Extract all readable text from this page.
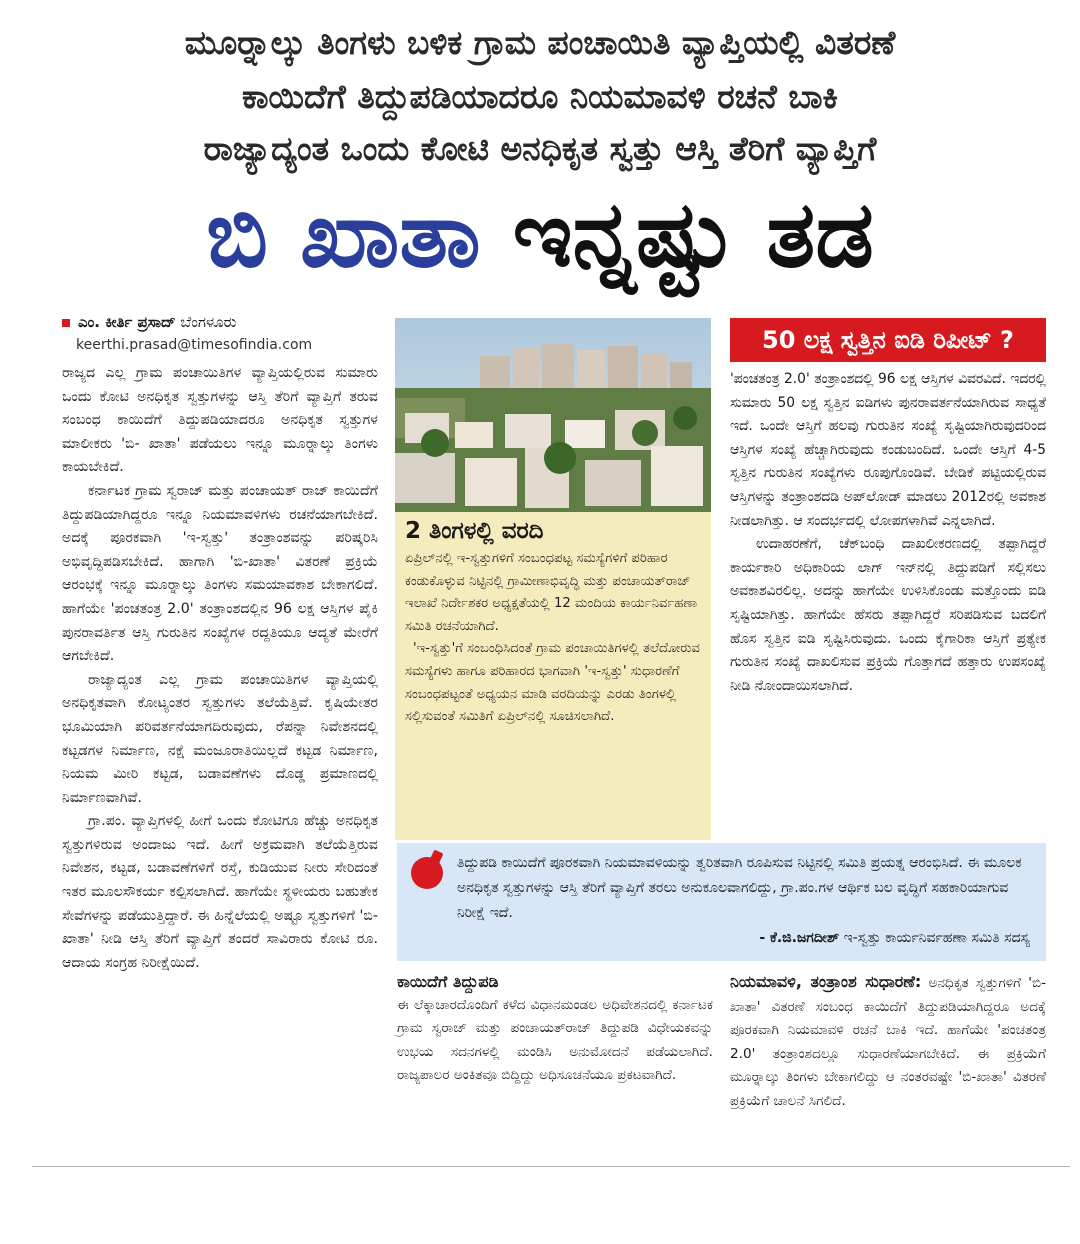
ಮೂರ್‍ನಾಲ್ಕು ತಿಂಗಳು ಬಳಿಕ ಗ್ರಾಮ ಪಂಚಾಯಿತಿ ವ್ಯಾಪ್ತಿಯಲ್ಲಿ ವಿತರಣೆ
ಕಾಯಿದೆಗೆ ತಿದ್ದುಪಡಿಯಾದರೂ ನಿಯಮಾವಳಿ ರಚನೆ ಬಾಕಿ
ರಾಜ್ಯಾದ್ಯಂತ ಒಂದು ಕೋಟಿ ಅನಧಿಕೃತ ಸ್ವತ್ತು ಆಸ್ತಿ ತೆರಿಗೆ ವ್ಯಾಪ್ತಿಗೆ
ಬಿ ಖಾತಾ ಇನ್ನಷ್ಟು ತಡ
ಎಂ. ಕೀರ್ತಿ ಪ್ರಸಾದ್ ಬೆಂಗಳೂರು
keerthi.prasad@timesofindia.com

ರಾಜ್ಯದ ಎಲ್ಲ ಗ್ರಾಮ ಪಂಚಾಯಿತಿಗಳ ವ್ಯಾಪ್ತಿಯಲ್ಲಿರುವ ಸುಮಾರು ಒಂದು ಕೋಟಿ ಅನಧಿಕೃತ ಸ್ವತ್ತುಗಳನ್ನು ಆಸ್ತಿ ತೆರಿಗೆ ವ್ಯಾಪ್ತಿಗೆ ತರುವ ಸಂಬಂಧ ಕಾಯಿದೆಗೆ ತಿದ್ದುಪಡಿಯಾದರೂ ಅನಧಿಕೃತ ಸ್ವತ್ತುಗಳ ಮಾಲೀಕರು 'ಬಿ- ಖಾತಾ' ಪಡೆಯಲು ಇನ್ನೂ ಮೂರ್‍ನಾಲ್ಕು ತಿಂಗಳು ಕಾಯಬೇಕಿದೆ.

ಕರ್ನಾಟಕ ಗ್ರಾಮ ಸ್ವರಾಜ್ ಮತ್ತು ಪಂಚಾಯತ್ ರಾಜ್ ಕಾಯಿದೆಗೆ ತಿದ್ದುಪಡಿಯಾಗಿದ್ದರೂ ಇನ್ನೂ ನಿಯಮಾವಳಿಗಳು ರಚನೆಯಾಗಬೇಕಿದೆ. ಅದಕ್ಕೆ ಪೂರಕವಾಗಿ 'ಇ-ಸ್ವತ್ತು' ತಂತ್ರಾಂಶವನ್ನು ಪರಿಷ್ಕರಿಸಿ ಅಭಿವೃದ್ಧಿಪಡಿಸಬೇಕಿದೆ. ಹಾಗಾಗಿ 'ಬಿ-ಖಾತಾ' ವಿತರಣೆ ಪ್ರಕ್ರಿಯೆ ಆರಂಭಕ್ಕೆ ಇನ್ನೂ ಮೂರ್‍ನಾಲ್ಕು ತಿಂಗಳು ಸಮಯಾವಕಾಶ ಬೇಕಾಗಲಿದೆ. ಹಾಗೆಯೇ 'ಪಂಚತಂತ್ರ 2.0' ತಂತ್ರಾಂಶದಲ್ಲಿನ 96 ಲಕ್ಷ ಆಸ್ತಿಗಳ ಪೈಕಿ ಪುನರಾವರ್ತಿತ ಆಸ್ತಿ ಗುರುತಿನ ಸಂಖ್ಯೆಗಳ ರದ್ದತಿಯೂ ಆದ್ಯತೆ ಮೇರೆಗೆ ಆಗಬೇಕಿದೆ.

ರಾಜ್ಯಾದ್ಯಂತ ಎಲ್ಲ ಗ್ರಾಮ ಪಂಚಾಯಿತಿಗಳ ವ್ಯಾಪ್ತಿಯಲ್ಲಿ ಅನಧಿಕೃತವಾಗಿ ಕೋಟ್ಯಂತರ ಸ್ವತ್ತುಗಳು ತಲೆಯೆತ್ತಿವೆ. ಕೃಷಿಯೇತರ ಭೂಮಿಯಾಗಿ ಪರಿವರ್ತನೆಯಾಗದಿರುವುದು, ರೆಪನ್ನಾ ನಿವೇಶನದಲ್ಲಿ ಕಟ್ಟಡಗಳ ನಿರ್ಮಾಣ, ನಕ್ಷೆ ಮಂಜೂರಾತಿಯಿಲ್ಲದೆ ಕಟ್ಟಡ ನಿರ್ಮಾಣ, ನಿಯಮ ಮೀರಿ ಕಟ್ಟಡ, ಬಡಾವಣೆಗಳು ದೊಡ್ಡ ಪ್ರಮಾಣದಲ್ಲಿ ನಿರ್ಮಾಣವಾಗಿವೆ.

ಗ್ರಾ.ಪಂ. ವ್ಯಾಪ್ತಿಗಳಲ್ಲಿ ಹೀಗೆ ಒಂದು ಕೋಟಿಗೂ ಹೆಚ್ಚು ಅನಧಿಕೃತ ಸ್ವತ್ತುಗಳಿರುವ ಅಂದಾಜು ಇದೆ. ಹೀಗೆ ಅಕ್ರಮವಾಗಿ ತಲೆಯೆತ್ತಿರುವ ನಿವೇಶನ, ಕಟ್ಟಡ, ಬಡಾವಣೆಗಳಿಗೆ ರಸ್ತೆ, ಕುಡಿಯುವ ನೀರು ಸೇರಿದಂತೆ ಇತರ ಮೂಲಸೌಕರ್ಯ ಕಲ್ಪಿಸಲಾಗಿದೆ. ಹಾಗೆಯೇ ಸ್ಥಳೀಯರು ಬಹುತೇಕ ಸೇವೆಗಳನ್ನು ಪಡೆಯುತ್ತಿದ್ದಾರೆ. ಈ ಹಿನ್ನೆಲೆಯಲ್ಲಿ ಅಷ್ಟೂ ಸ್ವತ್ತುಗಳಿಗೆ 'ಬಿ-ಖಾತಾ' ನೀಡಿ ಆಸ್ತಿ ತೆರಿಗೆ ವ್ಯಾಪ್ತಿಗೆ ತಂದರೆ ಸಾವಿರಾರು ಕೋಟಿ ರೂ. ಆದಾಯ ಸಂಗ್ರಹ ನಿರೀಕ್ಷೆಯಿದೆ.

2 ತಿಂಗಳಲ್ಲಿ ವರದಿ

ಏಪ್ರಿಲ್‌ನಲ್ಲಿ ಇ-ಸ್ವತ್ತುಗಳಿಗೆ ಸಂಬಂಧಪಟ್ಟ ಸಮಸ್ಯೆಗಳಿಗೆ ಪರಿಹಾರ ಕಂಡುಕೊಳ್ಳುವ ನಿಟ್ಟಿನಲ್ಲಿ ಗ್ರಾಮೀಣಾಭಿವೃದ್ಧಿ ಮತ್ತು ಪಂಚಾಯತ್‌ರಾಜ್ ಇಲಾಖೆ ನಿರ್ದೇಶಕರ ಅಧ್ಯಕ್ಷತೆಯಲ್ಲಿ 12 ಮಂದಿಯ ಕಾರ್ಯನಿರ್ವಹಣಾ ಸಮಿತಿ ರಚನೆಯಾಗಿದೆ.

'ಇ-ಸ್ವತ್ತು'ಗೆ ಸಂಬಂಧಿಸಿದಂತೆ ಗ್ರಾಮ ಪಂಚಾಯಿತಿಗಳಲ್ಲಿ ತಲೆದೋರುವ ಸಮಸ್ಯೆಗಳು ಹಾಗೂ ಪರಿಹಾರದ ಭಾಗವಾಗಿ 'ಇ-ಸ್ವತ್ತು' ಸುಧಾರಣೆಗೆ ಸಂಬಂಧಪಟ್ಟಂತೆ ಅಧ್ಯಯನ ಮಾಡಿ ವರದಿಯನ್ನು ಎರಡು ತಿಂಗಳಲ್ಲಿ ಸಲ್ಲಿಸುವಂತೆ ಸಮಿತಿಗೆ ಏಪ್ರಿಲ್‌ನಲ್ಲಿ ಸೂಚಿಸಲಾಗಿದೆ.

50 ಲಕ್ಷ ಸ್ವತ್ತಿನ ಐಡಿ ರಿಪೀಟ್ ?

'ಪಂಚತಂತ್ರ 2.0' ತಂತ್ರಾಂಶದಲ್ಲಿ 96 ಲಕ್ಷ ಆಸ್ತಿಗಳ ವಿವರವಿದೆ. ಇದರಲ್ಲಿ ಸುಮಾರು 50 ಲಕ್ಷ ಸ್ವತ್ತಿನ ಐಡಿಗಳು ಪುನರಾವರ್ತನೆಯಾಗಿರುವ ಸಾಧ್ಯತೆ ಇದೆ. ಒಂದೇ ಆಸ್ತಿಗೆ ಹಲವು ಗುರುತಿನ ಸಂಖ್ಯೆ ಸೃಷ್ಟಿಯಾಗಿರುವುದರಿಂದ ಆಸ್ತಿಗಳ ಸಂಖ್ಯೆ ಹೆಚ್ಚಾಗಿರುವುದು ಕಂಡುಬಂದಿದೆ. ಒಂದೇ ಆಸ್ತಿಗೆ 4-5 ಸ್ವತ್ತಿನ ಗುರುತಿನ ಸಂಖ್ಯೆಗಳು ರೂಪುಗೊಂಡಿವೆ. ಬೇಡಿಕೆ ಪಟ್ಟಿಯಲ್ಲಿರುವ ಆಸ್ತಿಗಳನ್ನು ತಂತ್ರಾಂಶದಡಿ ಅಪ್‌ಲೋಡ್ ಮಾಡಲು 2012ರಲ್ಲಿ ಅವಕಾಶ ನೀಡಲಾಗಿತ್ತು. ಆ ಸಂದರ್ಭದಲ್ಲಿ ಲೋಪಗಳಾಗಿವೆ ಎನ್ನಲಾಗಿದೆ.

ಉದಾಹರಣೆಗೆ, ಚೆಕ್‌ಬಂಧಿ ದಾಖಲೀಕರಣದಲ್ಲಿ ತಪ್ಪಾಗಿದ್ದರೆ ಕಾರ್ಯಕಾರಿ ಅಧಿಕಾರಿಯ ಲಾಗ್ ಇನ್‌ನಲ್ಲಿ ತಿದ್ದುಪಡಿಗೆ ಸಲ್ಲಿಸಲು ಅವಕಾಶವಿರಲಿಲ್ಲ. ಅದನ್ನು ಹಾಗೆಯೇ ಉಳಿಸಿಕೊಂಡು ಮತ್ತೊಂದು ಐಡಿ ಸೃಷ್ಟಿಯಾಗಿತ್ತು. ಹಾಗೆಯೇ ಹೆಸರು ತಪ್ಪಾಗಿದ್ದರೆ ಸರಿಪಡಿಸುವ ಬದಲಿಗೆ ಹೊಸ ಸ್ವತ್ತಿನ ಐಡಿ ಸೃಷ್ಟಿಸಿರುವುದು. ಒಂದು ಕೈಗಾರಿಕಾ ಆಸ್ತಿಗೆ ಪ್ರತ್ಯೇಕ ಗುರುತಿನ ಸಂಖ್ಯೆ ದಾಖಲಿಸುವ ಪ್ರಕ್ರಿಯೆ ಗೊತ್ತಾಗದೆ ಹತ್ತಾರು ಉಪಸಂಖ್ಯೆ ನೀಡಿ ನೋಂದಾಯಿಸಲಾಗಿದೆ.

ತಿದ್ದುಪಡಿ ಕಾಯಿದೆಗೆ ಪೂರಕವಾಗಿ ನಿಯಮಾವಳಿಯನ್ನು ತ್ವರಿತವಾಗಿ ರೂಪಿಸುವ ನಿಟ್ಟಿನಲ್ಲಿ ಸಮಿತಿ ಪ್ರಯತ್ನ ಆರಂಭಿಸಿದೆ. ಈ ಮೂಲಕ ಅನಧಿಕೃತ ಸ್ವತ್ತುಗಳನ್ನು ಆಸ್ತಿ ತೆರಿಗೆ ವ್ಯಾಪ್ತಿಗೆ ತರಲು ಅನುಕೂಲವಾಗಲಿದ್ದು, ಗ್ರಾ.ಪಂ.ಗಳ ಆರ್ಥಿಕ ಬಲ ವೃದ್ಧಿಗೆ ಸಹಕಾರಿಯಾಗುವ ನಿರೀಕ್ಷೆ ಇದೆ.
- ಕೆ.ಜಿ.ಜಗದೀಶ್ ಇ-ಸ್ವತ್ತು ಕಾರ್ಯನಿರ್ವಹಣಾ ಸಮಿತಿ ಸದಸ್ಯ
ಕಾಯಿದೆಗೆ ತಿದ್ದುಪಡಿ

ಈ ಲೆಕ್ಕಾಚಾರದೊಂದಿಗೆ ಕಳೆದ ವಿಧಾನಮಂಡಲ ಅಧಿವೇಶನದಲ್ಲಿ ಕರ್ನಾಟಕ ಗ್ರಾಮ ಸ್ವರಾಜ್ ಮತ್ತು ಪಂಚಾಯತ್‌ರಾಜ್ ತಿದ್ದುಪಡಿ ವಿಧೇಯಕವನ್ನು ಉಭಯ ಸದನಗಳಲ್ಲಿ ಮಂಡಿಸಿ ಅನುಮೋದನೆ ಪಡೆಯಲಾಗಿದೆ. ರಾಜ್ಯಪಾಲರ ಅಂಕಿತವೂ ಬಿದ್ದಿದ್ದು ಅಧಿಸೂಚನೆಯೂ ಪ್ರಕಟವಾಗಿದೆ.

ನಿಯಮಾವಳಿ, ತಂತ್ರಾಂಶ ಸುಧಾರಣೆ: ಅನಧಿಕೃತ ಸ್ವತ್ತುಗಳಿಗೆ 'ಬಿ-ಖಾತಾ' ವಿತರಣೆ ಸಂಬಂಧ ಕಾಯಿದೆಗೆ ತಿದ್ದುಪಡಿಯಾಗಿದ್ದರೂ ಅದಕ್ಕೆ ಪೂರಕವಾಗಿ ನಿಯಮಾವಳಿ ರಚನೆ ಬಾಕಿ ಇದೆ. ಹಾಗೆಯೇ 'ಪಂಚತಂತ್ರ 2.0' ತಂತ್ರಾಂಶದಲ್ಲೂ ಸುಧಾರಣೆಯಾಗಬೇಕಿದೆ. ಈ ಪ್ರಕ್ರಿಯೆಗೆ ಮೂರ್‍ನಾಲ್ಕು ತಿಂಗಳು ಬೇಕಾಗಲಿದ್ದು ಆ ನಂತರವಷ್ಟೇ 'ಬಿ-ಖಾತಾ' ವಿತರಣೆ ಪ್ರಕ್ರಿಯೆಗೆ ಚಾಲನೆ ಸಿಗಲಿದೆ.
